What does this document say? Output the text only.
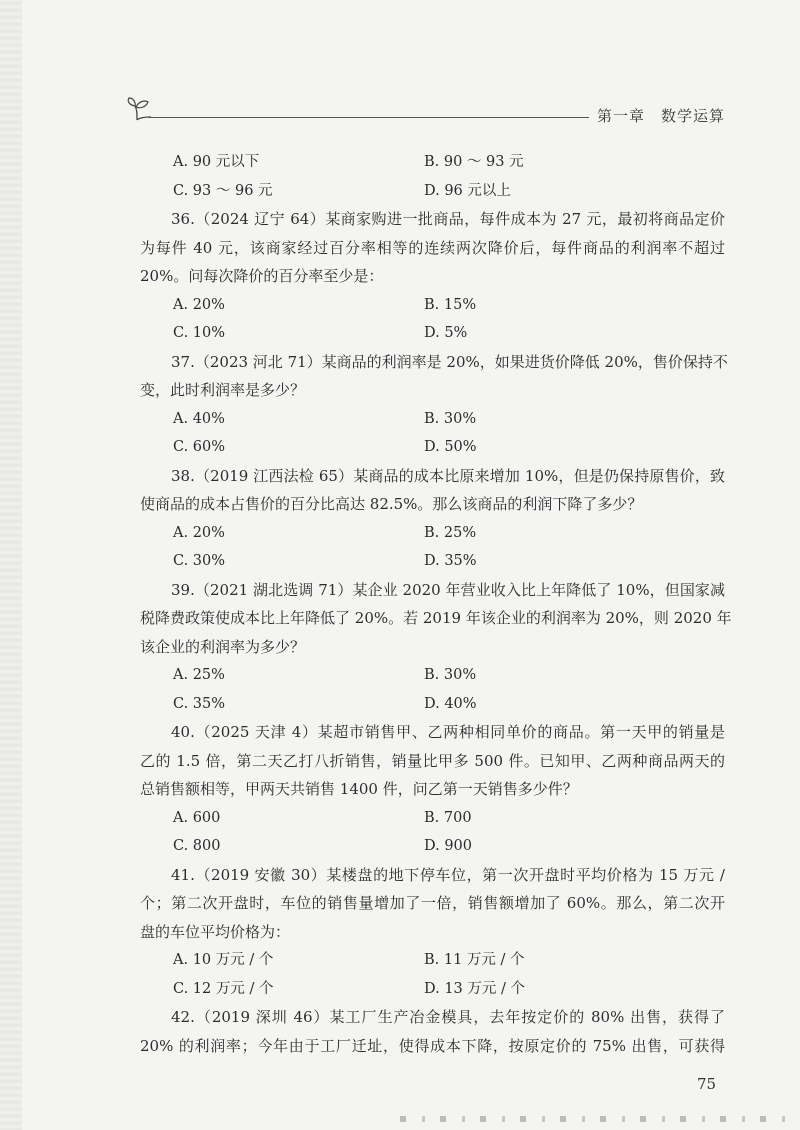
第一章　数学运算
A. 90 元以下	B. 90 ～ 93 元
C. 93 ～ 96 元	D. 96 元以上
36.（2024 辽宁 64）某商家购进一批商品，每件成本为 27 元，最初将商品定价
为每件 40 元，该商家经过百分率相等的连续两次降价后，每件商品的利润率不超过
20%。问每次降价的百分率至少是：
A. 20%	B. 15%
C. 10%	D. 5%
37.（2023 河北 71）某商品的利润率是 20%，如果进货价降低 20%，售价保持不
变，此时利润率是多少？
A. 40%	B. 30%
C. 60%	D. 50%
38.（2019 江西法检 65）某商品的成本比原来增加 10%，但是仍保持原售价，致
使商品的成本占售价的百分比高达 82.5%。那么该商品的利润下降了多少？
A. 20%	B. 25%
C. 30%	D. 35%
39.（2021 湖北选调 71）某企业 2020 年营业收入比上年降低了 10%，但国家减
税降费政策使成本比上年降低了 20%。若 2019 年该企业的利润率为 20%，则 2020 年
该企业的利润率为多少？
A. 25%	B. 30%
C. 35%	D. 40%
40.（2025 天津 4）某超市销售甲、乙两种相同单价的商品。第一天甲的销量是
乙的 1.5 倍，第二天乙打八折销售，销量比甲多 500 件。已知甲、乙两种商品两天的
总销售额相等，甲两天共销售 1400 件，问乙第一天销售多少件？
A. 600	B. 700
C. 800	D. 900
41.（2019 安徽 30）某楼盘的地下停车位，第一次开盘时平均价格为 15 万元 /
个；第二次开盘时，车位的销售量增加了一倍，销售额增加了 60%。那么，第二次开
盘的车位平均价格为：
A. 10 万元 / 个	B. 11 万元 / 个
C. 12 万元 / 个	D. 13 万元 / 个
42.（2019 深圳 46）某工厂生产冶金模具，去年按定价的 80% 出售，获得了
20% 的利润率；今年由于工厂迁址，使得成本下降，按原定价的 75% 出售，可获得
75
